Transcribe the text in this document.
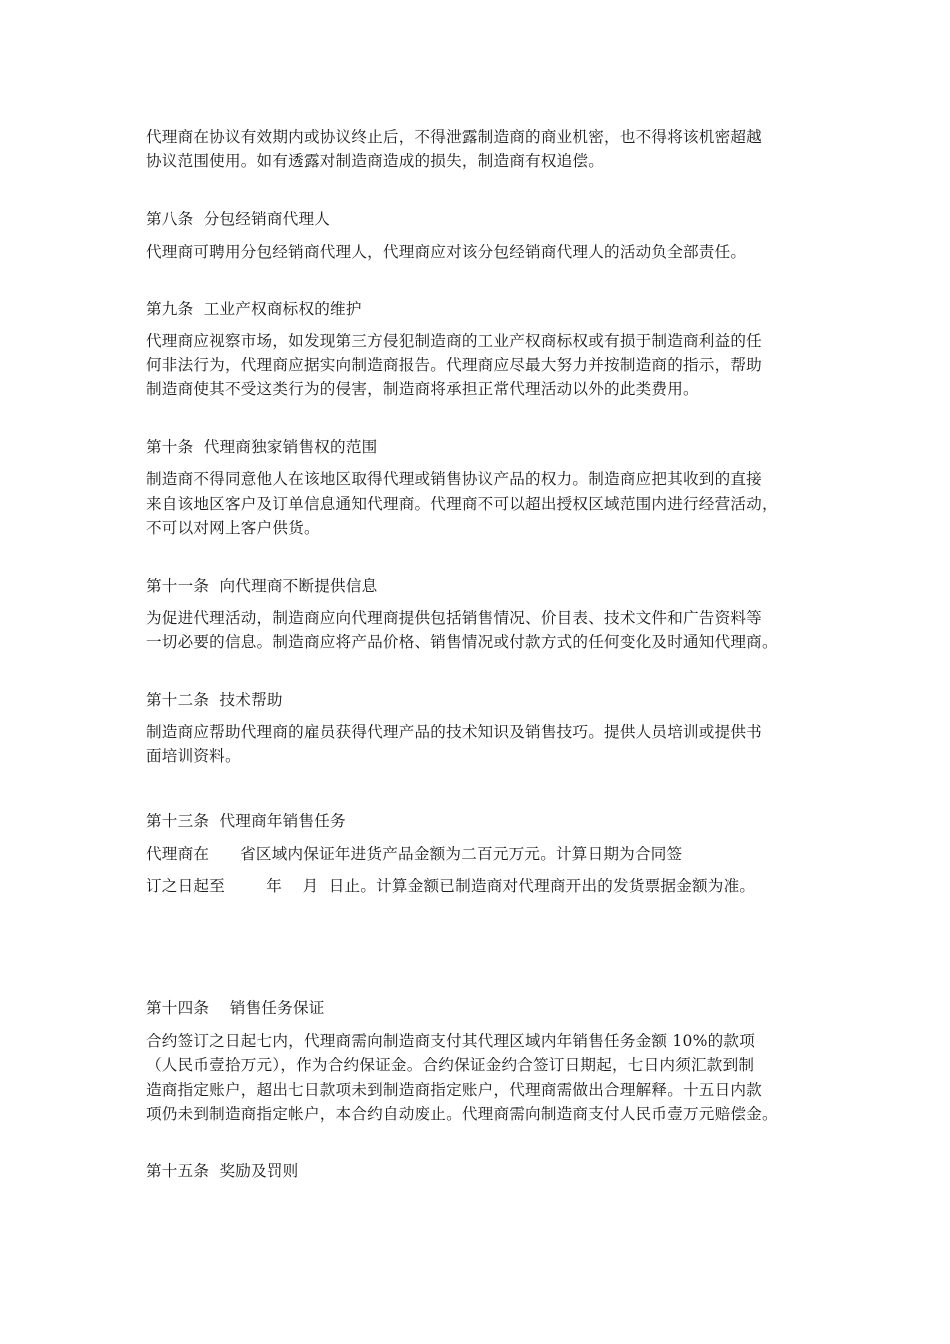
代理商在协议有效期内或协议终止后，不得泄露制造商的商业机密，也不得将该机密超越
协议范围使用。如有透露对制造商造成的损失，制造商有权追偿。
第八条  分包经销商代理人
代理商可聘用分包经销商代理人，代理商应对该分包经销商代理人的活动负全部责任。
第九条  工业产权商标权的维护
代理商应视察市场，如发现第三方侵犯制造商的工业产权商标权或有损于制造商利益的任
何非法行为，代理商应据实向制造商报告。代理商应尽最大努力并按制造商的指示，帮助
制造商使其不受这类行为的侵害，制造商将承担正常代理活动以外的此类费用。
第十条  代理商独家销售权的范围
制造商不得同意他人在该地区取得代理或销售协议产品的权力。制造商应把其收到的直接
来自该地区客户及订单信息通知代理商。代理商不可以超出授权区域范围内进行经营活动，
不可以对网上客户供货。
第十一条  向代理商不断提供信息
为促进代理活动，制造商应向代理商提供包括销售情况、价目表、技术文件和广告资料等
一切必要的信息。制造商应将产品价格、销售情况或付款方式的任何变化及时通知代理商。
第十二条  技术帮助
制造商应帮助代理商的雇员获得代理产品的技术知识及销售技巧。提供人员培训或提供书
面培训资料。
第十三条  代理商年销售任务
代理商在      省区域内保证年进货产品金额为二百元万元。计算日期为合同签
订之日起至        年    月  日止。计算金额已制造商对代理商开出的发货票据金额为准。
第十四条    销售任务保证
合约签订之日起七内，代理商需向制造商支付其代理区域内年销售任务金额 10%的款项
（人民币壹拾万元），作为合约保证金。合约保证金约合签订日期起，七日内须汇款到制
造商指定账户，超出七日款项未到制造商指定账户，代理商需做出合理解释。十五日内款
项仍未到制造商指定帐户，本合约自动废止。代理商需向制造商支付人民币壹万元赔偿金。
第十五条  奖励及罚则
